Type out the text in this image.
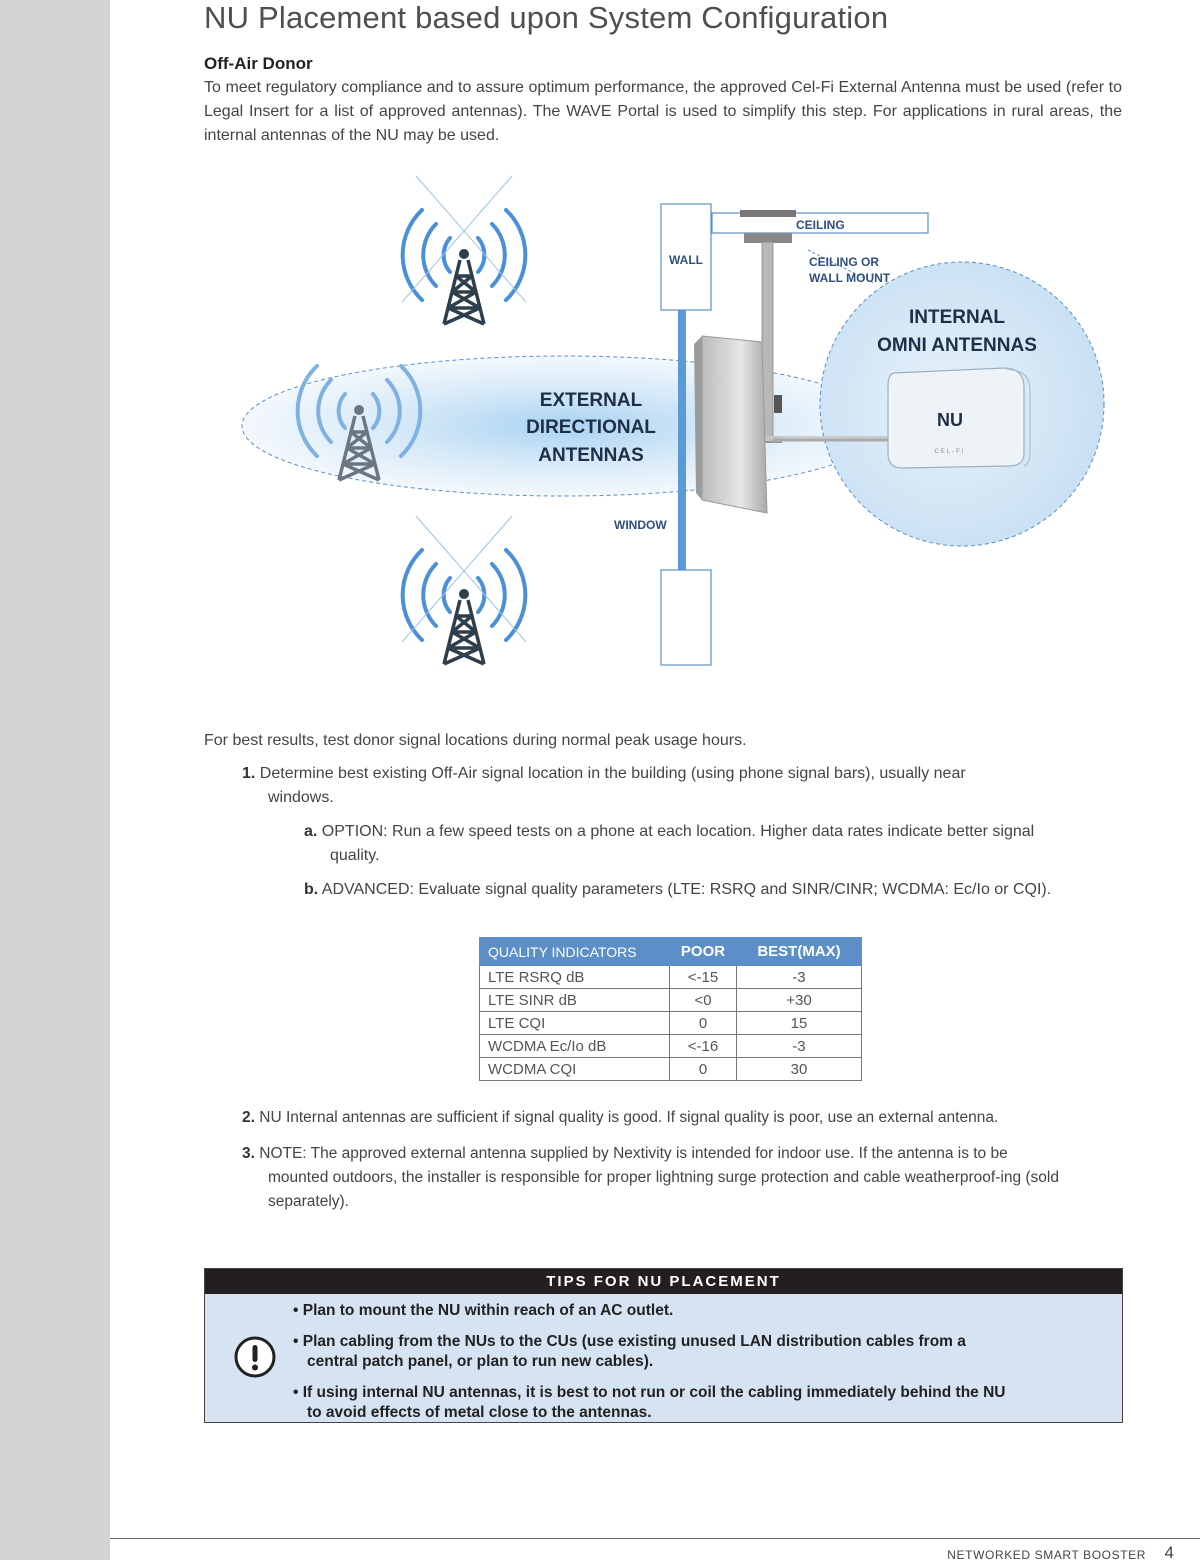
NU Placement based upon System Configuration
Off-Air Donor

To meet regulatory compliance and to assure optimum performance, the approved Cel-Fi External Antenna must be used (refer to Legal Insert for a list of approved antennas). The WAVE Portal is used to simplify this step. For applications in rural areas, the internal antennas of the NU may be used.

CEILING
CEILING OR
WALL MOUNT
WALL
WINDOW
EXTERNAL
DIRECTIONAL
ANTENNAS
INTERNAL
OMNI ANTENNAS
NU
CEL-FI

For best results, test donor signal locations during normal peak usage hours.

1. Determine best existing Off-Air signal location in the building (using phone signal bars), usually near
windows.
a. OPTION: Run a few speed tests on a phone at each location. Higher data rates indicate better signal
quality.
b. ADVANCED: Evaluate signal quality parameters (LTE: RSRQ and SINR/CINR; WCDMA: Ec/Io or CQI).
QUALITY INDICATORS	POOR	BEST(MAX)
LTE RSRQ dB	<-15	-3
LTE SINR dB	<0	+30
LTE CQI	0	15
WCDMA Ec/Io dB	<-16	-3
WCDMA CQI	0	30
2. NU Internal antennas are sufficient if signal quality is good. If signal quality is poor, use an external antenna.
3. NOTE: The approved external antenna supplied by Nextivity is intended for indoor use. If the antenna is to be
mounted outdoors, the installer is responsible for proper lightning surge protection and cable weatherproof-ing (sold separately).
TIPS FOR NU PLACEMENT
• Plan to mount the NU within reach of an AC outlet.
• Plan cabling from the NUs to the CUs (use existing unused LAN distribution cables from a
central patch panel, or plan to run new cables).
• If using internal NU antennas, it is best to not run or coil the cabling immediately behind the NU
to avoid effects of metal close to the antennas.
NETWORKED SMART BOOSTER 4
